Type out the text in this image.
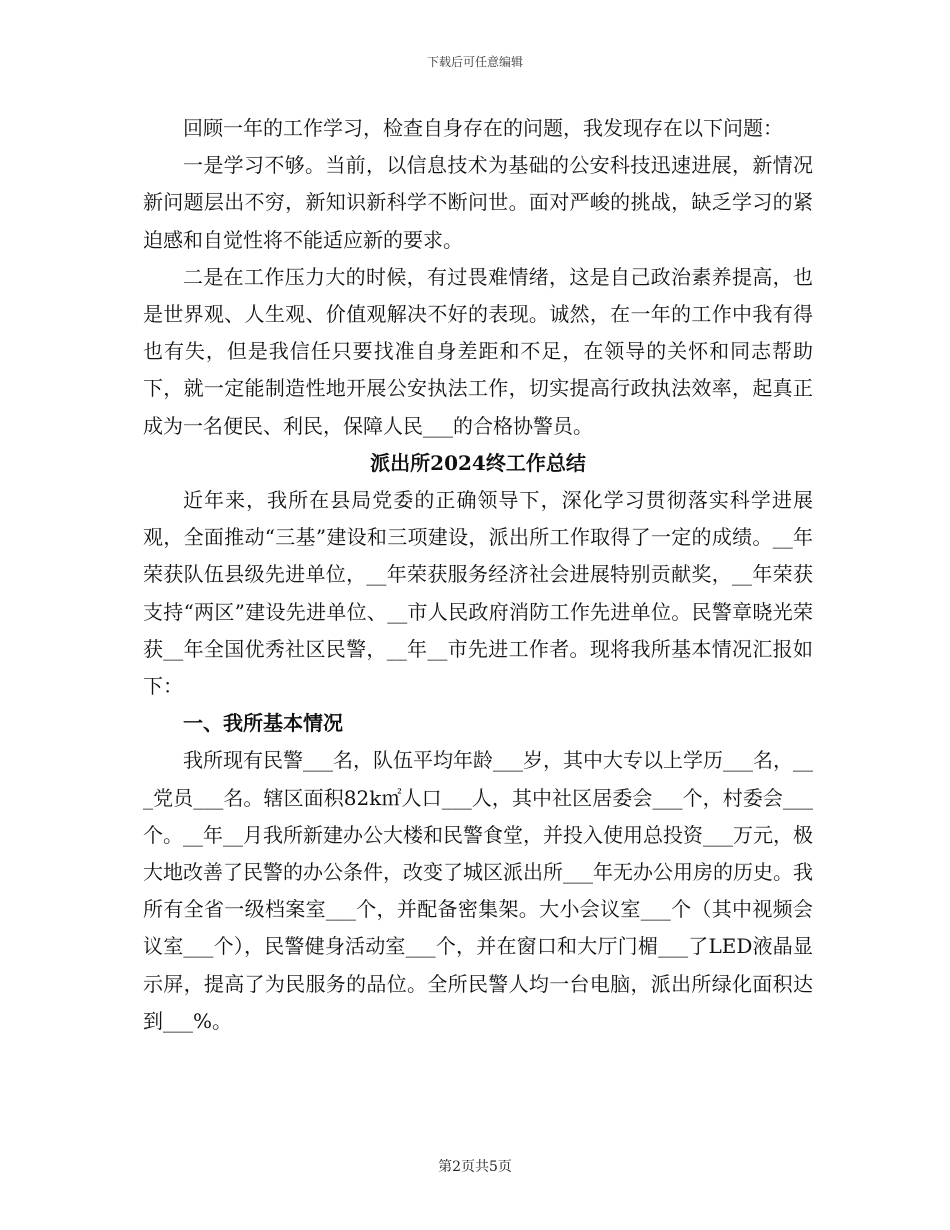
下载后可任意编辑

回顾一年的工作学习，检查自身存在的问题，我发现存在以下问题：

一是学习不够。当前，以信息技术为基础的公安科技迅速进展，新情况新问题层出不穷，新知识新科学不断问世。面对严峻的挑战，缺乏学习的紧迫感和自觉性将不能适应新的要求。

二是在工作压力大的时候，有过畏难情绪，这是自己政治素养提高，也是世界观、人生观、价值观解决不好的表现。诚然，在一年的工作中我有得也有失，但是我信任只要找准自身差距和不足，在领导的关怀和同志帮助下，就一定能制造性地开展公安执法工作，切实提高行政执法效率，起真正成为一名便民、利民，保障人民___的合格协警员。

派出所2024终工作总结

近年来，我所在县局党委的正确领导下，深化学习贯彻落实科学进展观，全面推动“三基”建设和三项建设，派出所工作取得了一定的成绩。__年荣获队伍县级先进单位，__年荣获服务经济社会进展特别贡献奖，__年荣获支持“两区”建设先进单位、__市人民政府消防工作先进单位。民警章晓光荣获__年全国优秀社区民警，__年__市先进工作者。现将我所基本情况汇报如下：

一、我所基本情况

我所现有民警___名，队伍平均年龄___岁，其中大专以上学历___名，___党员___名。辖区面积82k㎡人口___人，其中社区居委会___个，村委会___个。__年__月我所新建办公大楼和民警食堂，并投入使用总投资___万元，极大地改善了民警的办公条件，改变了城区派出所___年无办公用房的历史。我所有全省一级档案室___个，并配备密集架。大小会议室___个（其中视频会议室___个），民警健身活动室___个，并在窗口和大厅门楣___了LED液晶显示屏，提高了为民服务的品位。全所民警人均一台电脑，派出所绿化面积达到___%。

第2页共5页
